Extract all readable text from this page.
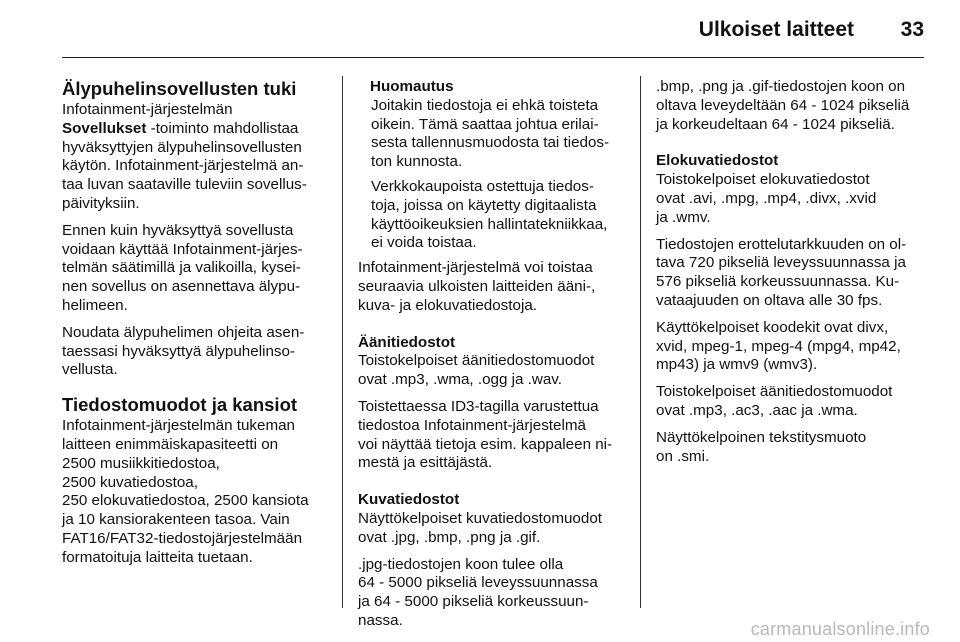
Ulkoiset laitteet 33
Älypuhelinsovellusten tuki

Infotainment-järjestelmän
Sovellukset -toiminto mahdollistaa
hyväksyttyjen älypuhelinsovellusten
käytön. Infotainment-järjestelmä an-
taa luvan saataville tuleviin sovellus-
päivityksiin.

Ennen kuin hyväksyttyä sovellusta
voidaan käyttää Infotainment-järjes-
telmän säätimillä ja valikoilla, kysei-
nen sovellus on asennettava älypu-
helimeen.

Noudata älypuhelimen ohjeita asen-
taessasi hyväksyttyä älypuhelinso-
vellusta.

Tiedostomuodot ja kansiot

Infotainment-järjestelmän tukeman
laitteen enimmäiskapasiteetti on
2500 musiikkitiedostoa,
2500 kuvatiedostoa,
250 elokuvatiedostoa, 2500 kansiota
ja 10 kansiorakenteen tasoa. Vain
FAT16/FAT32-tiedostojärjestelmään
formatoituja laitteita tuetaan.

Huomautus

Joitakin tiedostoja ei ehkä toisteta
oikein. Tämä saattaa johtua erilai-
sesta tallennusmuodosta tai tiedos-
ton kunnosta.

Verkkokaupoista ostettuja tiedos-
toja, joissa on käytetty digitaalista
käyttöoikeuksien hallintatekniikkaa,
ei voida toistaa.

Infotainment-järjestelmä voi toistaa
seuraavia ulkoisten laitteiden ääni-,
kuva- ja elokuvatiedostoja.

Äänitiedostot

Toistokelpoiset äänitiedostomuodot
ovat .mp3, .wma, .ogg ja .wav.

Toistettaessa ID3-tagilla varustettua
tiedostoa Infotainment-järjestelmä
voi näyttää tietoja esim. kappaleen ni-
mestä ja esittäjästä.

Kuvatiedostot

Näyttökelpoiset kuvatiedostomuodot
ovat .jpg, .bmp, .png ja .gif.

.jpg-tiedostojen koon tulee olla
64 - 5000 pikseliä leveyssuunnassa
ja 64 - 5000 pikseliä korkeussuun-
nassa.

.bmp, .png ja .gif-tiedostojen koon on
oltava leveydeltään 64 - 1024 pikseliä
ja korkeudeltaan 64 - 1024 pikseliä.

Elokuvatiedostot

Toistokelpoiset elokuvatiedostot
ovat .avi, .mpg, .mp4, .divx, .xvid
ja .wmv.

Tiedostojen erottelutarkkuuden on ol-
tava 720 pikseliä leveyssuunnassa ja
576 pikseliä korkeussuunnassa. Ku-
vataajuuden on oltava alle 30 fps.

Käyttökelpoiset koodekit ovat divx,
xvid, mpeg-1, mpeg-4 (mpg4, mp42,
mp43) ja wmv9 (wmv3).

Toistokelpoiset äänitiedostomuodot
ovat .mp3, .ac3, .aac ja .wma.

Näyttökelpoinen tekstitysmuoto
on .smi.

carmanualsonline.info
